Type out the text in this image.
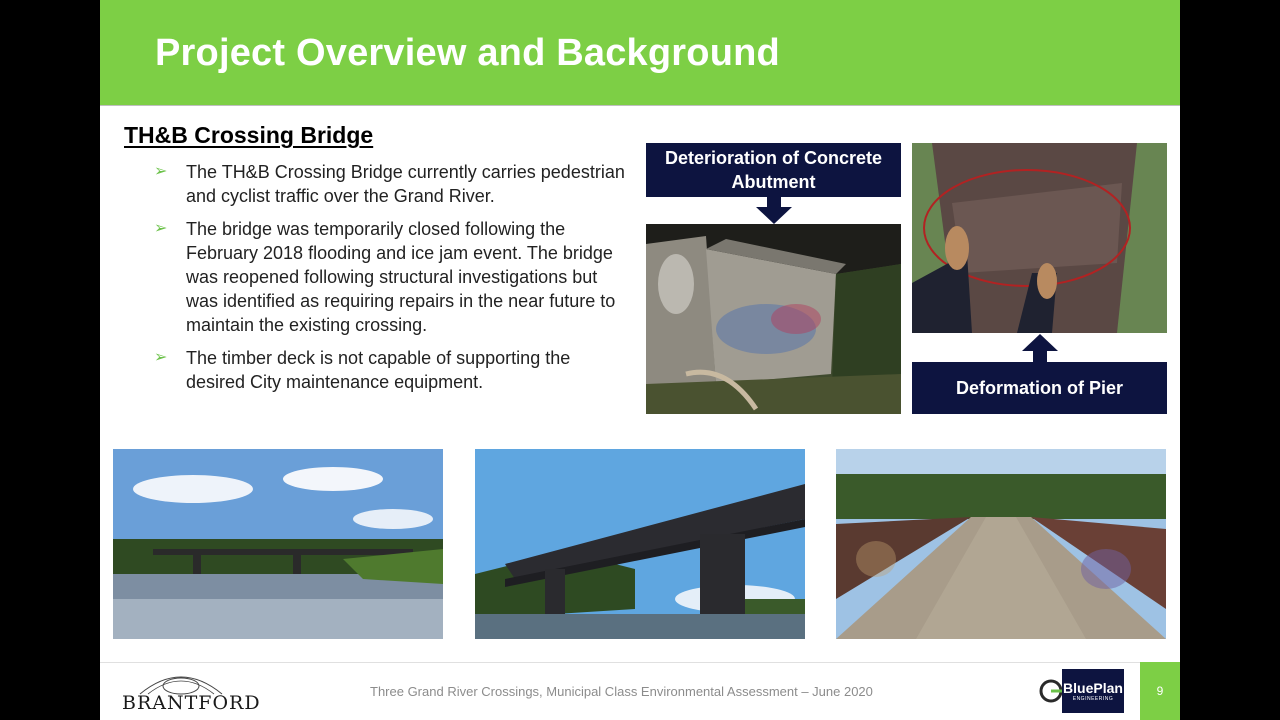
Project Overview and Background
TH&B Crossing Bridge
➢ The TH&B Crossing Bridge currently carries pedestrian and cyclist traffic over the Grand River.
➢ The bridge was temporarily closed following the February 2018 flooding and ice jam event. The bridge was reopened following structural investigations but was identified as requiring repairs in the near future to maintain the existing crossing.
➢ The timber deck is not capable of supporting the desired City maintenance equipment.
Deterioration of Concrete
Abutment
Deformation of Pier
BRANTFORD
Three Grand River Crossings, Municipal Class Environmental Assessment – June 2020	BluePlan
ENGINEERING
9
